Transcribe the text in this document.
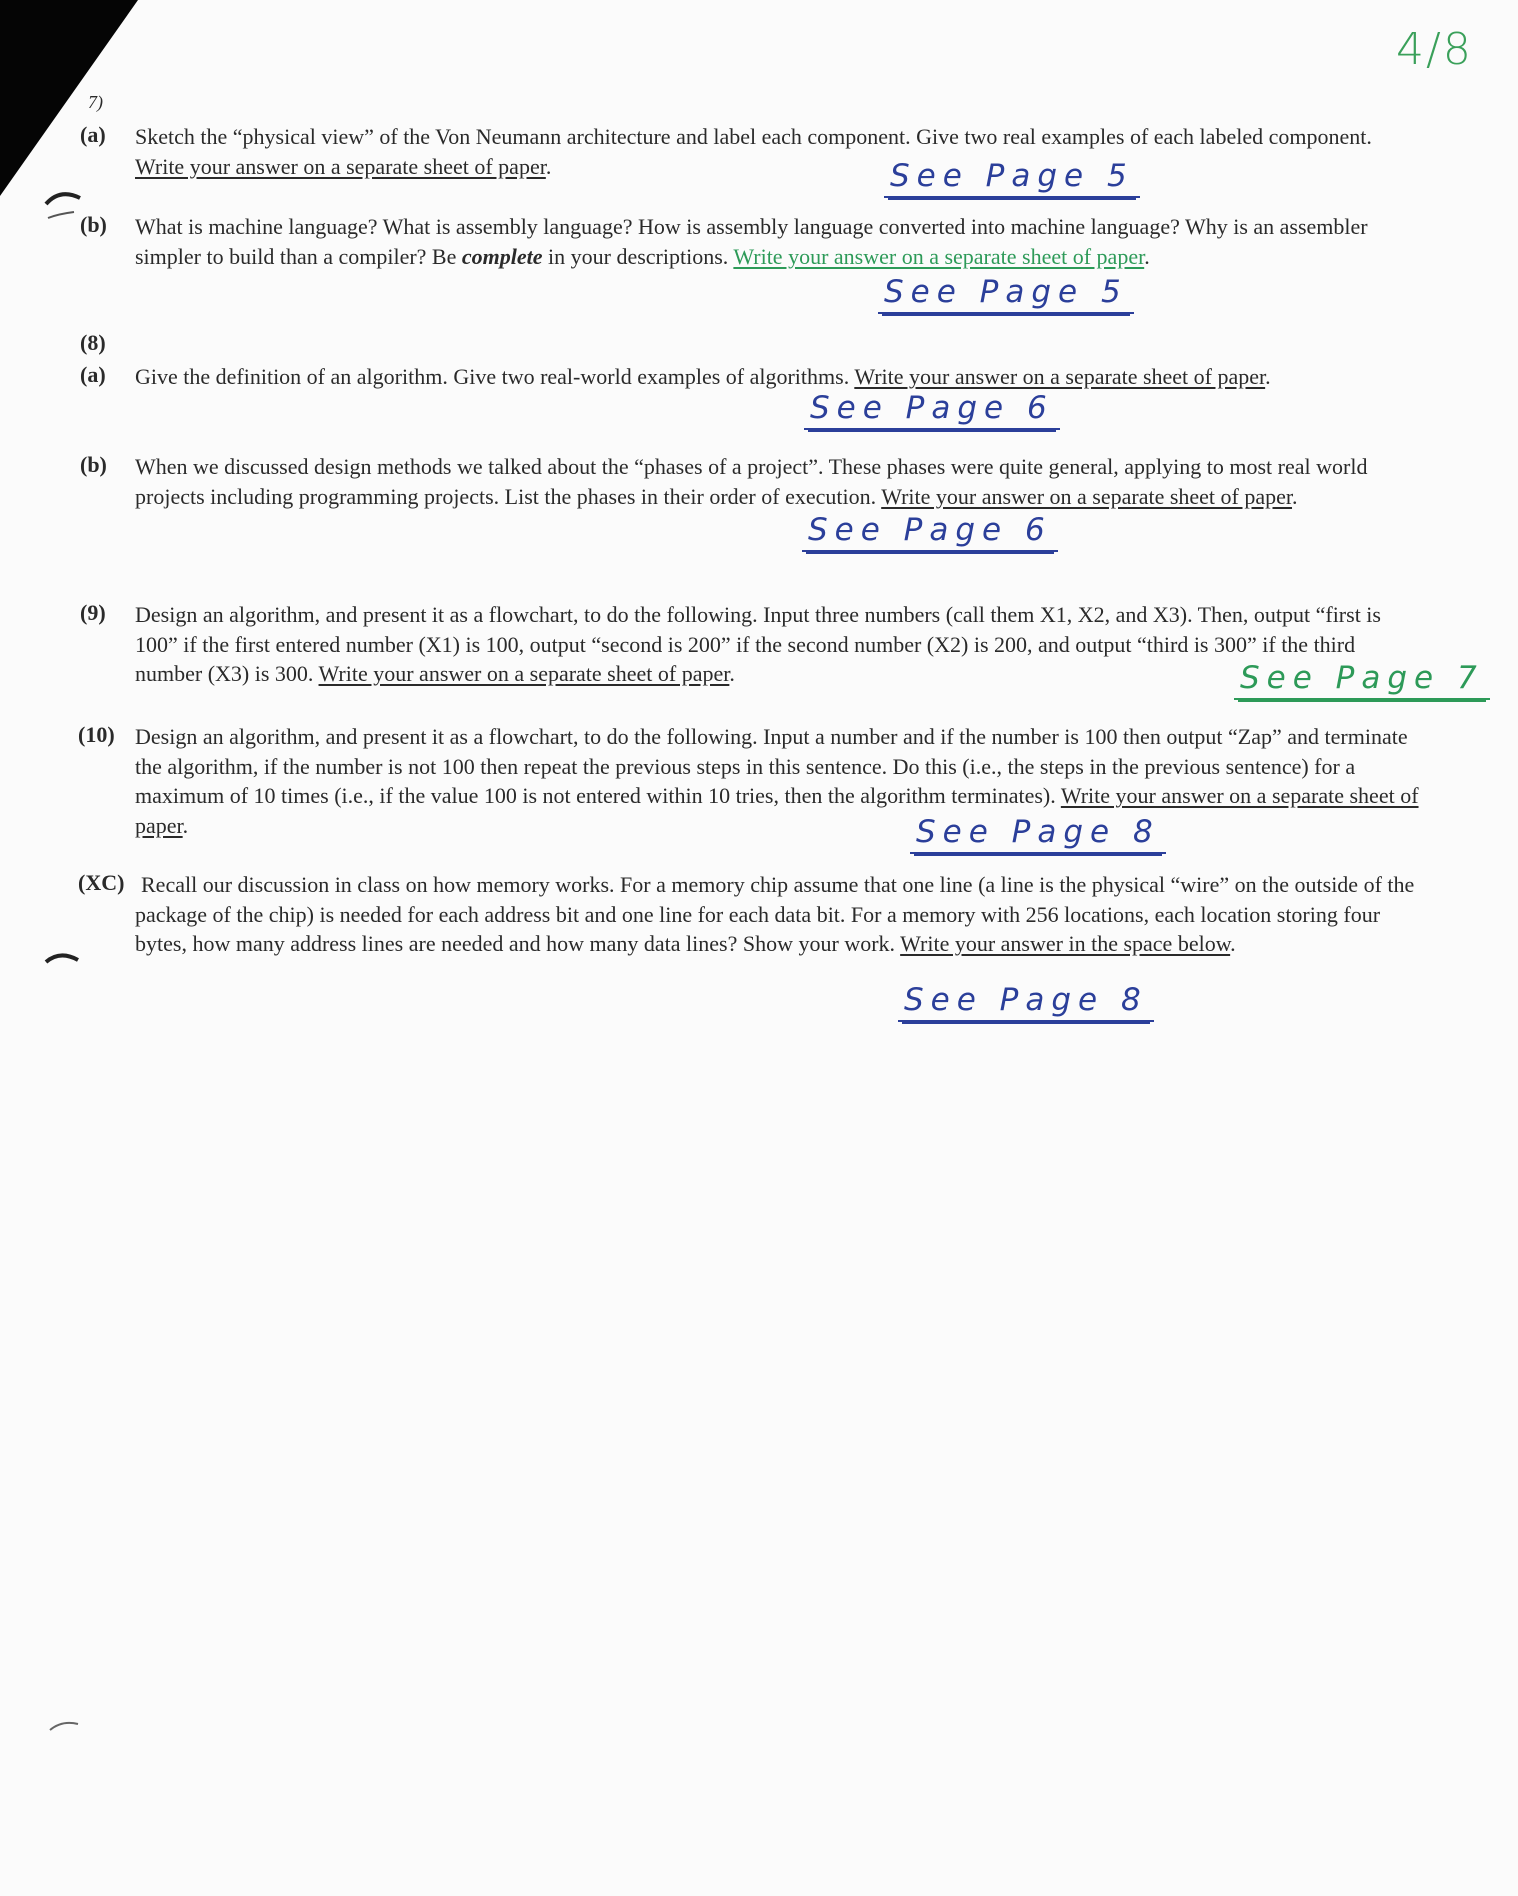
4/8
7)
(a) Sketch the “physical view” of the Von Neumann architecture and label each component. Give two real examples of each labeled component. Write your answer on a separate sheet of paper.	See Page 5
(b) What is machine language? What is assembly language? How is assembly language converted into machine language? Why is an assembler simpler to build than a compiler? Be complete in your descriptions. Write your answer on a separate sheet of paper.
See Page 5
(8)
(a) Give the definition of an algorithm. Give two real-world examples of algorithms. Write your answer on a separate sheet of paper.
See Page 6
(b) When we discussed design methods we talked about the “phases of a project”. These phases were quite general, applying to most real world projects including programming projects. List the phases in their order of execution. Write your answer on a separate sheet of paper.
See Page 6
(9) Design an algorithm, and present it as a flowchart, to do the following. Input three numbers (call them X1, X2, and X3). Then, output “first is 100” if the first entered number (X1) is 100, output “second is 200” if the second number (X2) is 200, and output “third is 300” if the third number (X3) is 300. Write your answer on a separate sheet of paper.	See Page 7
(10) Design an algorithm, and present it as a flowchart, to do the following. Input a number and if the number is 100 then output “Zap” and terminate the algorithm, if the number is not 100 then repeat the previous steps in this sentence. Do this (i.e., the steps in the previous sentence) for a maximum of 10 times (i.e., if the value 100 is not entered within 10 tries, then the algorithm terminates). Write your answer on a separate sheet of paper.	See Page 8
(XC) Recall our discussion in class on how memory works. For a memory chip assume that one line (a line is the physical “wire” on the outside of the package of the chip) is needed for each address bit and one line for each data bit. For a memory with 256 locations, each location storing four bytes, how many address lines are needed and how many data lines? Show your work. Write your answer in the space below.
See Page 8
